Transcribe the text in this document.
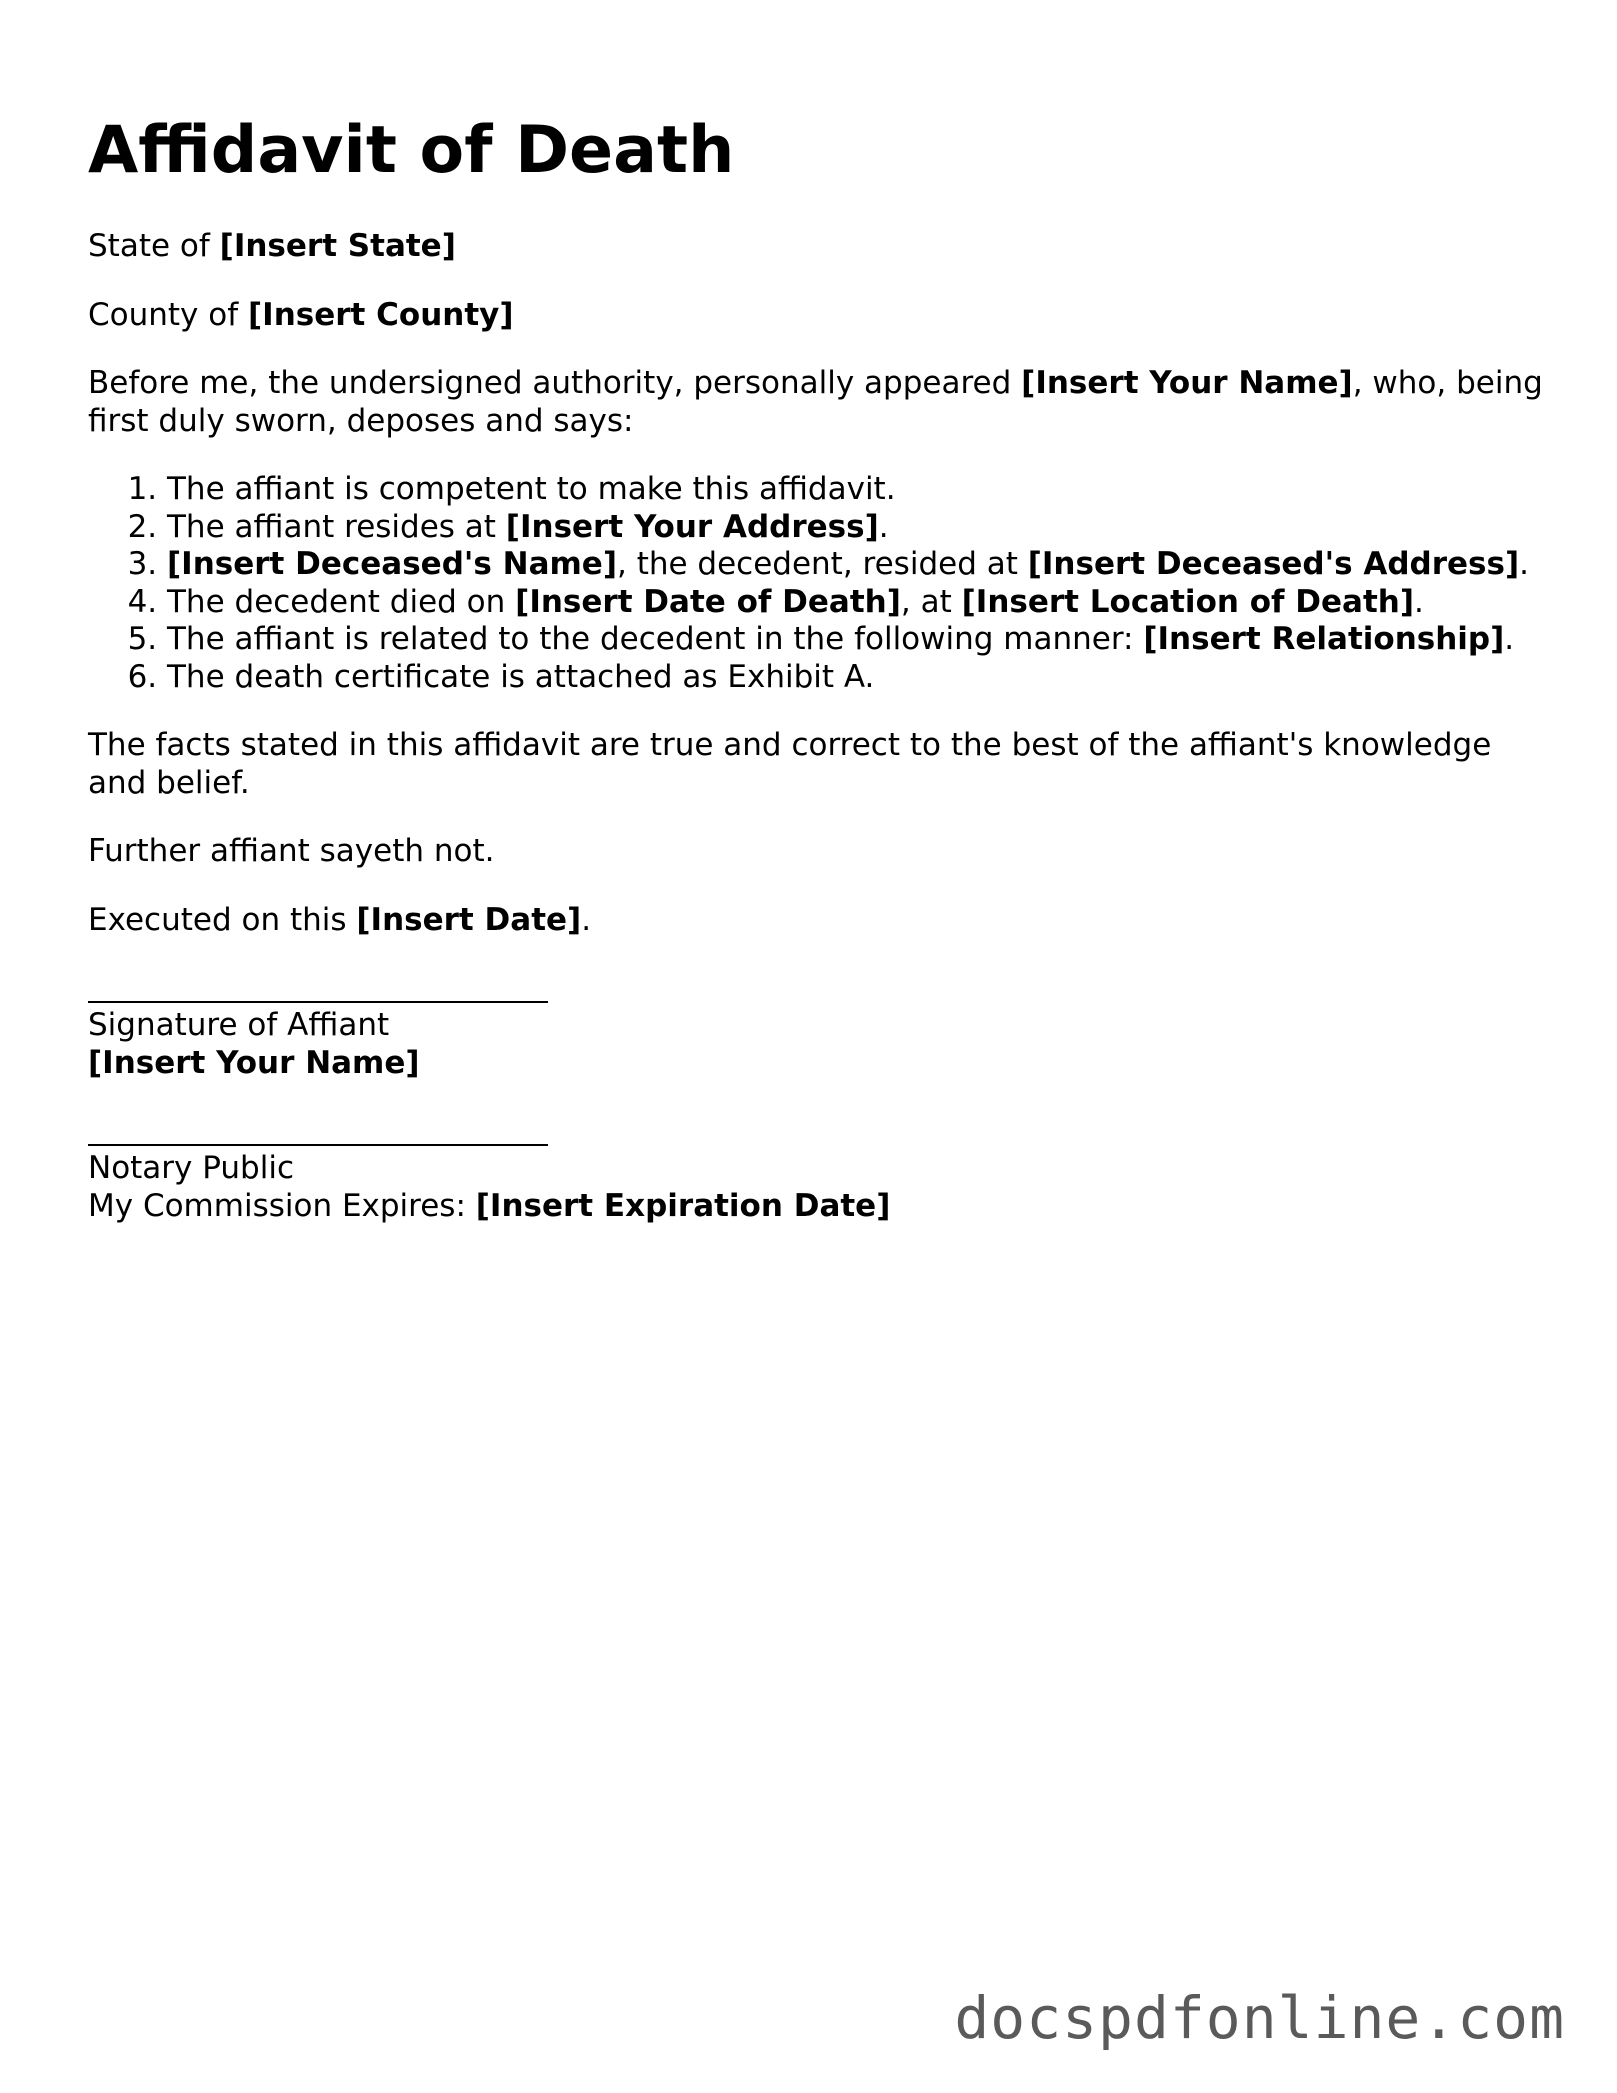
Affidavit of Death

State of [Insert State]

County of [Insert County]

Before me, the undersigned authority, personally appeared [Insert Your Name], who, being first duly sworn, deposes and says:

1. The affiant is competent to make this affidavit.
2. The affiant resides at [Insert Your Address].
3. [Insert Deceased's Name], the decedent, resided at [Insert Deceased's Address].
4. The decedent died on [Insert Date of Death], at [Insert Location of Death].
5. The affiant is related to the decedent in the following manner: [Insert Relationship].
6. The death certificate is attached as Exhibit A.

The facts stated in this affidavit are true and correct to the best of the affiant's knowledge and belief.

Further affiant sayeth not.

Executed on this [Insert Date].

Signature of Affiant
[Insert Your Name]
Notary Public
My Commission Expires: [Insert Expiration Date]
docspdfonline.com
